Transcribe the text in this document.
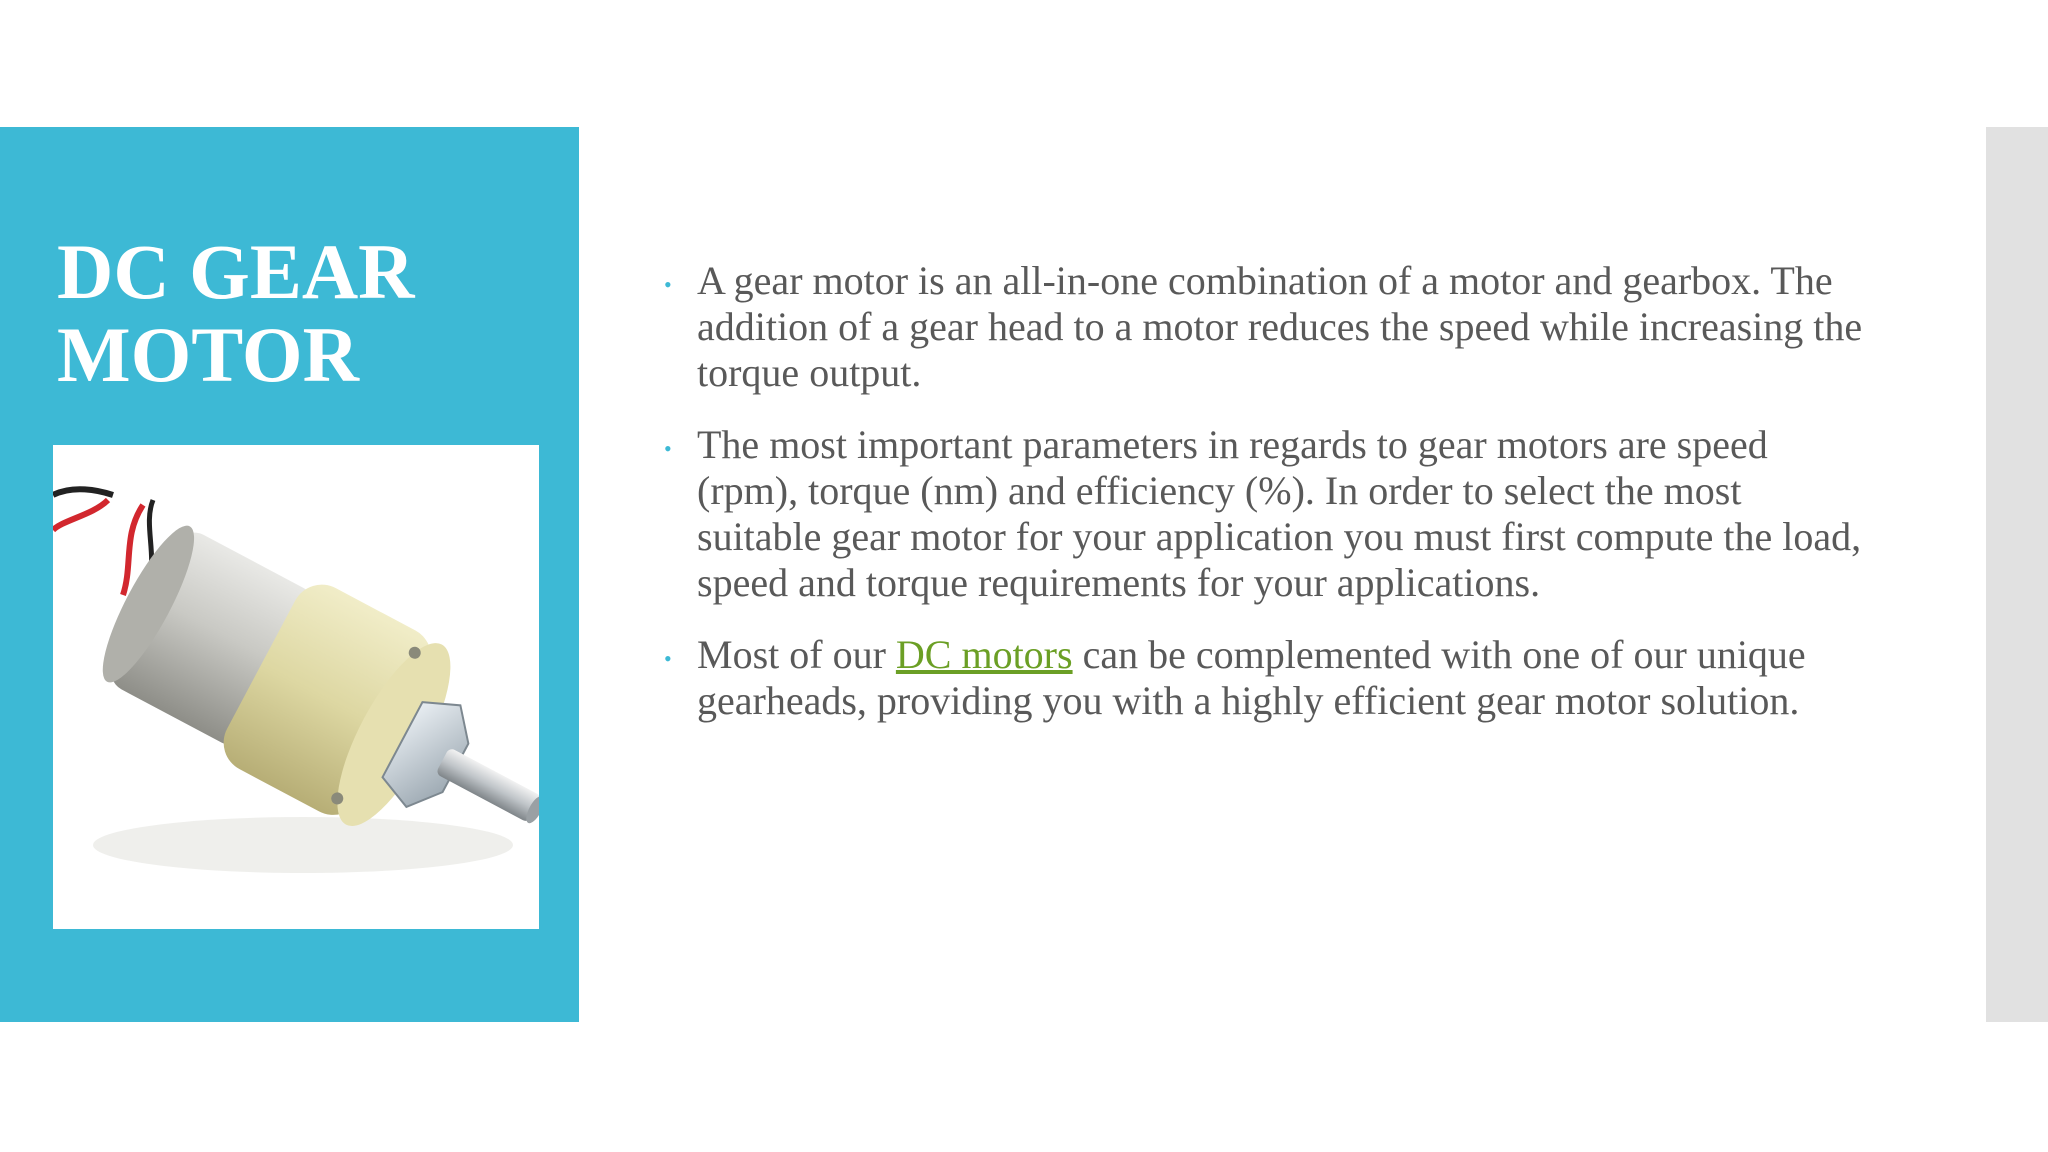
DC GEAR
MOTOR
• A gear motor is an all-in-one combination of a motor and gearbox. The addition of a gear head to a motor reduces the speed while increasing the torque output.
• The most important parameters in regards to gear motors are speed (rpm), torque (nm) and efficiency (%). In order to select the most suitable gear motor for your application you must first compute the load, speed and torque requirements for your applications.
• Most of our DC motors can be complemented with one of our unique gearheads, providing you with a highly efficient gear motor solution.
